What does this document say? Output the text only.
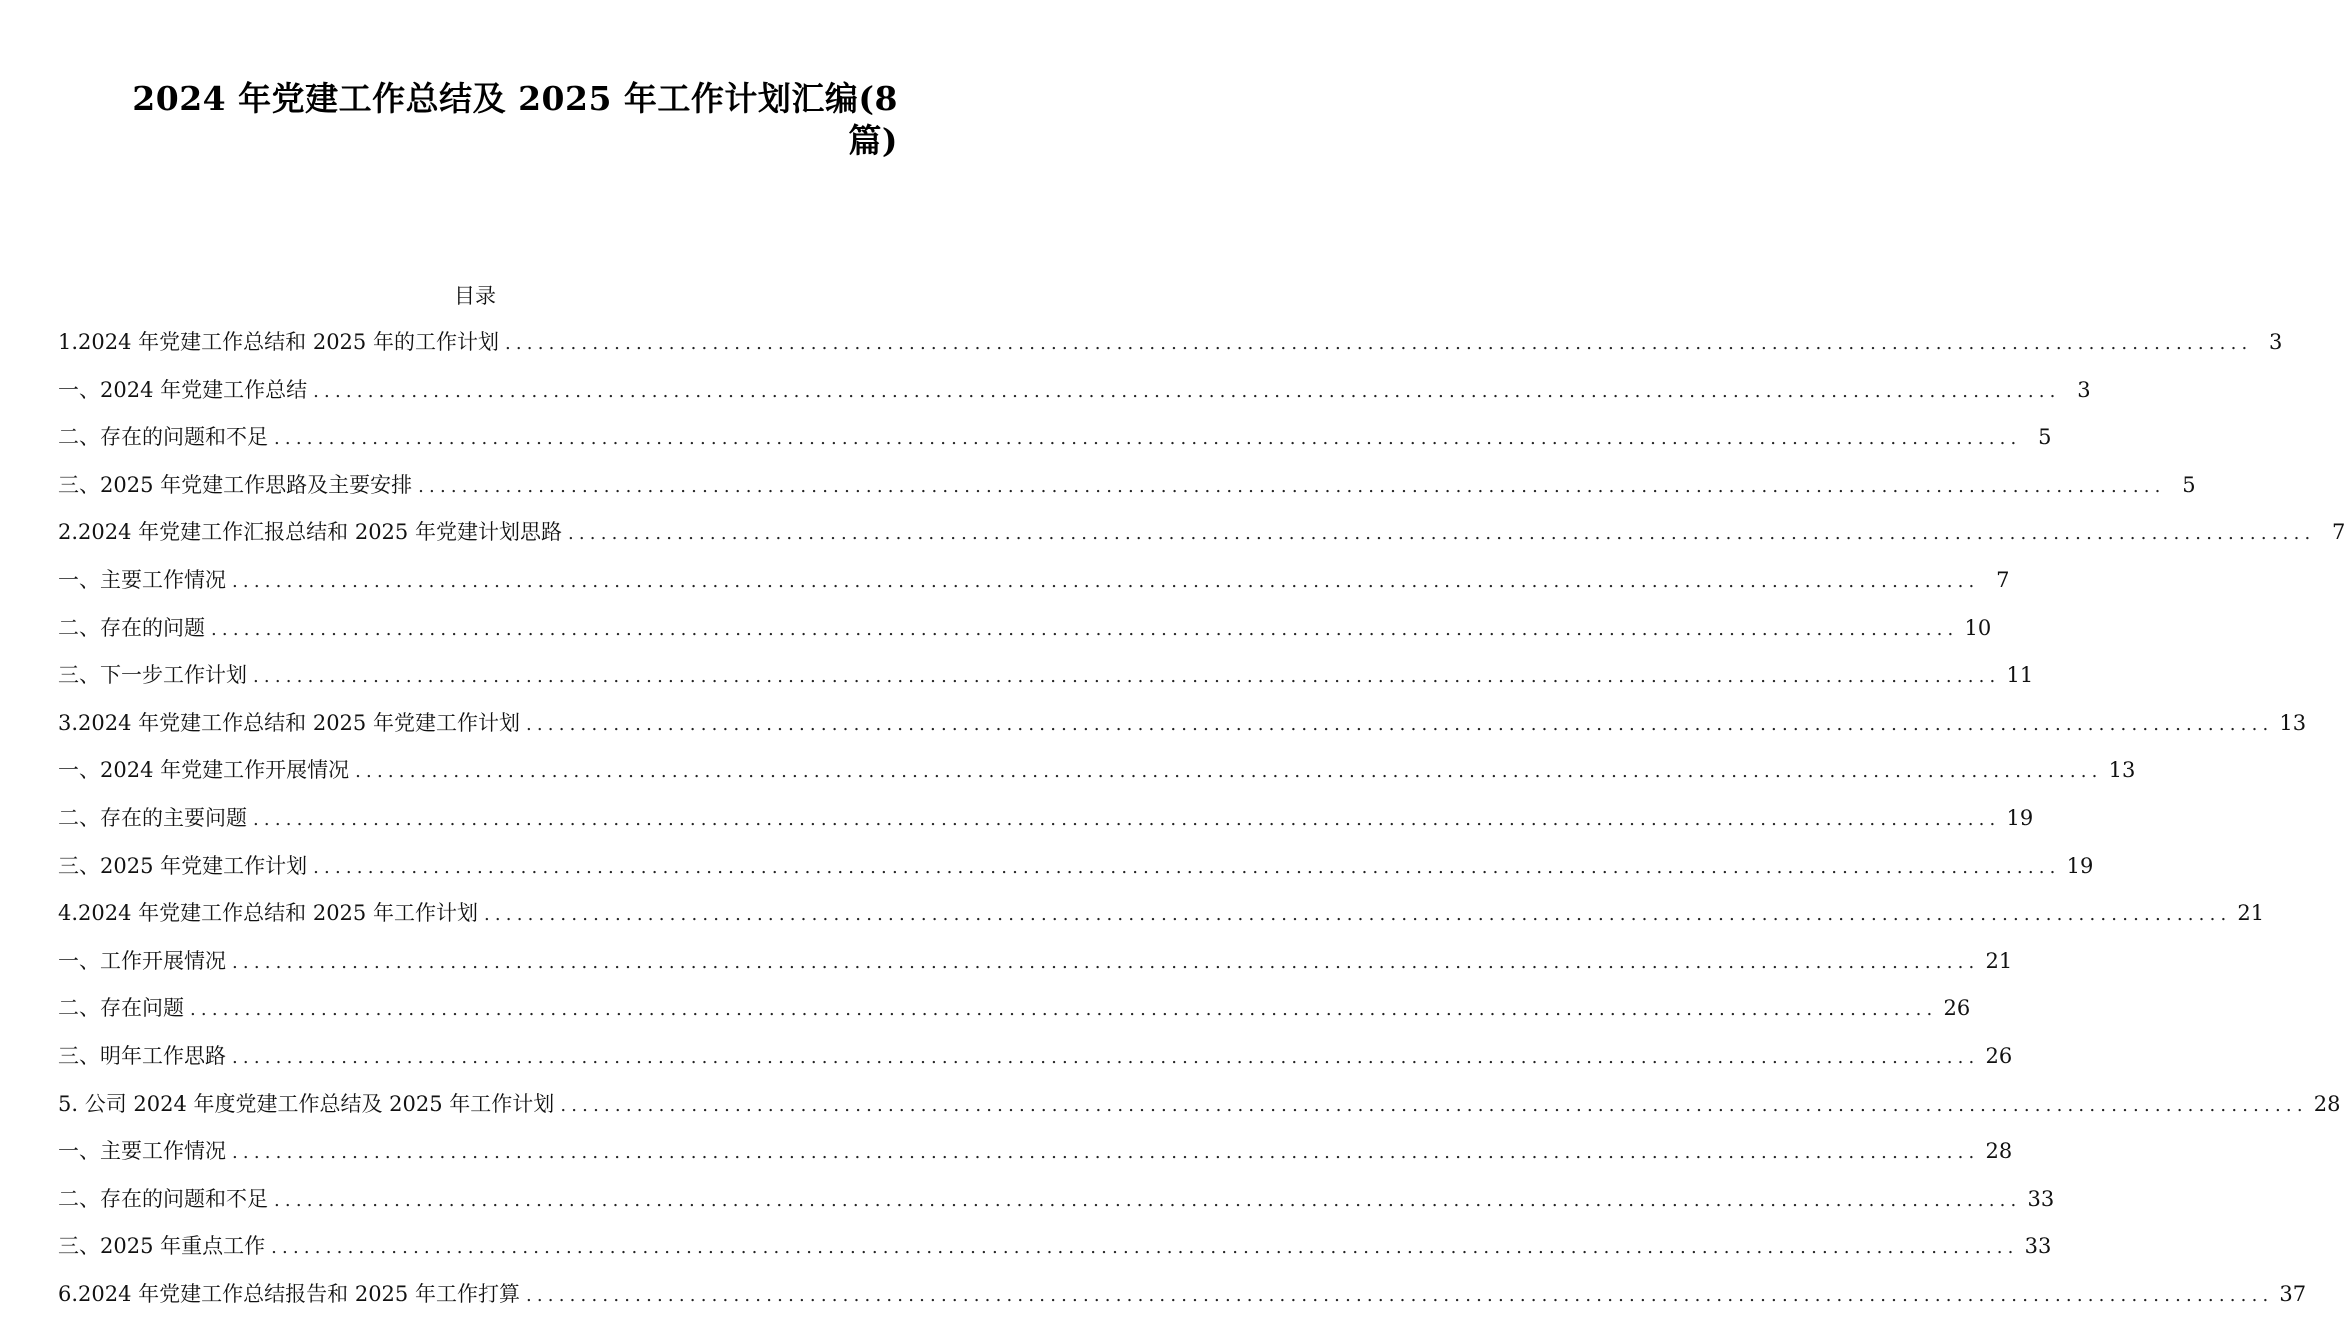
2024 年党建工作总结及 2025 年工作计划汇编(8
篇)
目录
1.2024 年党建工作总结和 2025 年的工作计划 ................................................................................................................................................................ 3
一、2024 年党建工作总结 ................................................................................................................................................................ 3
二、存在的问题和不足 ................................................................................................................................................................ 5
三、2025 年党建工作思路及主要安排 ................................................................................................................................................................ 5
2.2024 年党建工作汇报总结和 2025 年党建计划思路 ................................................................................................................................................................ 7
一、主要工作情况 ................................................................................................................................................................ 7
二、存在的问题 ................................................................................................................................................................ 10
三、下一步工作计划 ................................................................................................................................................................ 11
3.2024 年党建工作总结和 2025 年党建工作计划 ................................................................................................................................................................ 13
一、2024 年党建工作开展情况 ................................................................................................................................................................ 13
二、存在的主要问题 ................................................................................................................................................................ 19
三、2025 年党建工作计划 ................................................................................................................................................................ 19
4.2024 年党建工作总结和 2025 年工作计划 ................................................................................................................................................................ 21
一、工作开展情况 ................................................................................................................................................................ 21
二、存在问题 ................................................................................................................................................................ 26
三、明年工作思路 ................................................................................................................................................................ 26
5. 公司 2024 年度党建工作总结及 2025 年工作计划 ................................................................................................................................................................ 28
一、主要工作情况 ................................................................................................................................................................ 28
二、存在的问题和不足 ................................................................................................................................................................ 33
三、2025 年重点工作 ................................................................................................................................................................ 33
6.2024 年党建工作总结报告和 2025 年工作打算 ................................................................................................................................................................ 37
